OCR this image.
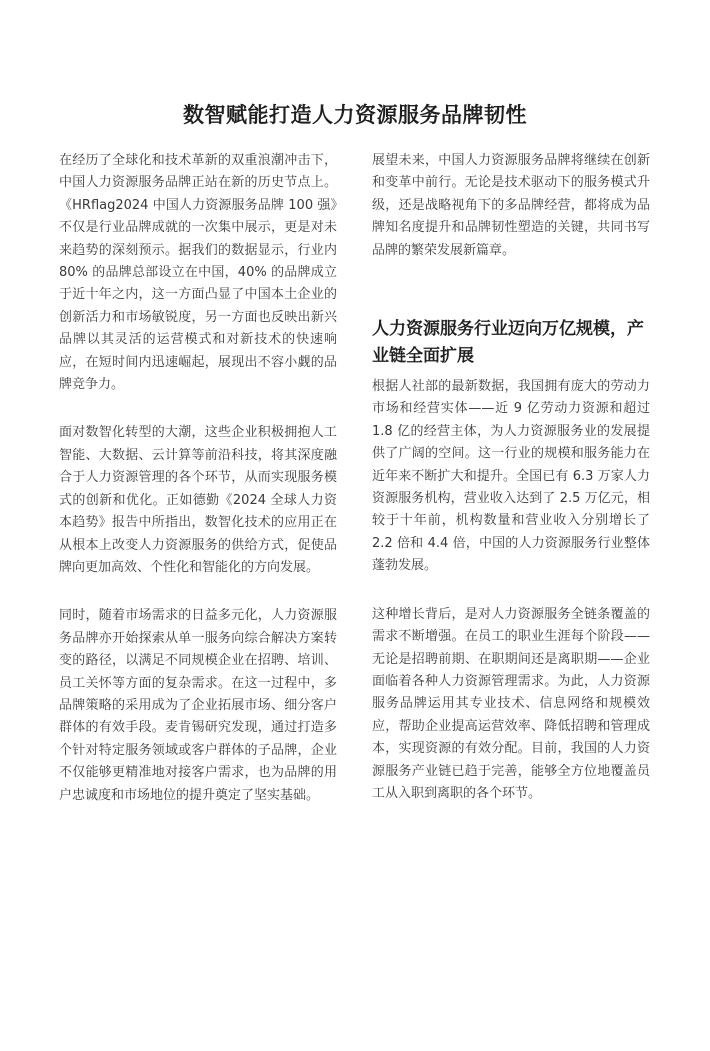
数智赋能打造人力资源服务品牌韧性

在经历了全球化和技术革新的双重浪潮冲击下，中国人力资源服务品牌正站在新的历史节点上。《HRflag2024 中国人力资源服务品牌 100 强》不仅是行业品牌成就的一次集中展示，更是对未来趋势的深刻预示。据我们的数据显示，行业内 80% 的品牌总部设立在中国，40% 的品牌成立于近十年之内，这一方面凸显了中国本土企业的创新活力和市场敏锐度，另一方面也反映出新兴品牌以其灵活的运营模式和对新技术的快速响应，在短时间内迅速崛起，展现出不容小觑的品牌竞争力。

面对数智化转型的大潮，这些企业积极拥抱人工智能、大数据、云计算等前沿科技，将其深度融合于人力资源管理的各个环节，从而实现服务模式的创新和优化。正如德勤《2024 全球人力资本趋势》报告中所指出，数智化技术的应用正在从根本上改变人力资源服务的供给方式，促使品牌向更加高效、个性化和智能化的方向发展。

同时，随着市场需求的日益多元化，人力资源服务品牌亦开始探索从单一服务向综合解决方案转变的路径，以满足不同规模企业在招聘、培训、员工关怀等方面的复杂需求。在这一过程中，多品牌策略的采用成为了企业拓展市场、细分客户群体的有效手段。麦肯锡研究发现，通过打造多个针对特定服务领域或客户群体的子品牌，企业不仅能够更精准地对接客户需求，也为品牌的用户忠诚度和市场地位的提升奠定了坚实基础。

展望未来，中国人力资源服务品牌将继续在创新和变革中前行。无论是技术驱动下的服务模式升级，还是战略视角下的多品牌经营，都将成为品牌知名度提升和品牌韧性塑造的关键，共同书写品牌的繁荣发展新篇章。

人力资源服务行业迈向万亿规模，产业链全面扩展

根据人社部的最新数据，我国拥有庞大的劳动力市场和经营实体——近 9 亿劳动力资源和超过 1.8 亿的经营主体，为人力资源服务业的发展提供了广阔的空间。这一行业的规模和服务能力在近年来不断扩大和提升。全国已有 6.3 万家人力资源服务机构，营业收入达到了 2.5 万亿元，相较于十年前，机构数量和营业收入分别增长了 2.2 倍和 4.4 倍，中国的人力资源服务行业整体蓬勃发展。

这种增长背后，是对人力资源服务全链条覆盖的需求不断增强。在员工的职业生涯每个阶段——无论是招聘前期、在职期间还是离职期——企业面临着各种人力资源管理需求。为此，人力资源服务品牌运用其专业技术、信息网络和规模效应，帮助企业提高运营效率、降低招聘和管理成本，实现资源的有效分配。目前，我国的人力资源服务产业链已趋于完善，能够全方位地覆盖员工从入职到离职的各个环节。
